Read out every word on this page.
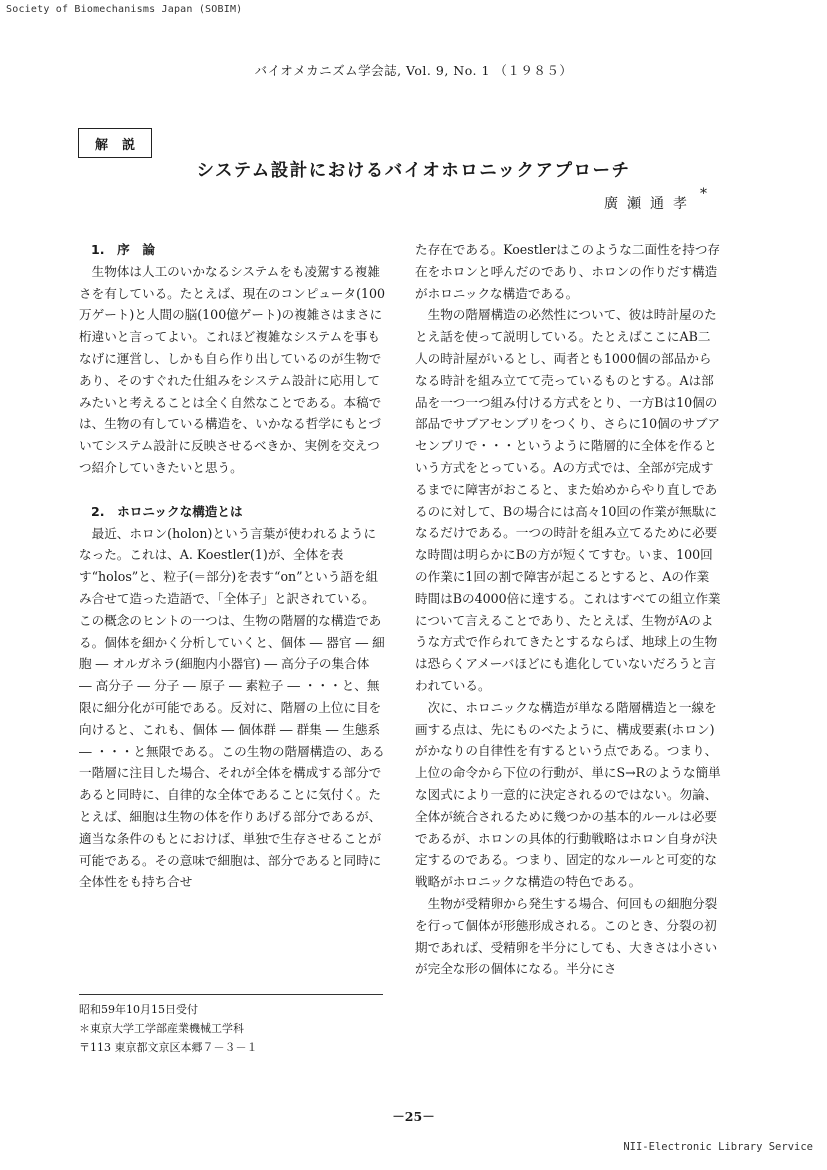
Society of Biomechanisms Japan (SOBIM)
バイオメカニズム学会誌, Vol. 9, No. 1 （１９８５）
解説
システム設計におけるバイオホロニックアプローチ
廣瀬通孝
*
1.　序　論

生物体は人工のいかなるシステムをも凌駕する複雑さを有している。たとえば、現在のコンピュータ(100万ゲート)と人間の脳(100億ゲート)の複雑さはまさに桁違いと言ってよい。これほど複雑なシステムを事もなげに運営し、しかも自ら作り出しているのが生物であり、そのすぐれた仕組みをシステム設計に応用してみたいと考えることは全く自然なことである。本稿では、生物の有している構造を、いかなる哲学にもとづいてシステム設計に反映させるべきか、実例を交えつつ紹介していきたいと思う。

2.　ホロニックな構造とは

最近、ホロン(holon)という言葉が使われるようになった。これは、A. Koestler(1)が、全体を表す“holos”と、粒子(＝部分)を表す“on”という語を組み合せて造った造語で、「全体子」と訳されている。この概念のヒントの一つは、生物の階層的な構造である。個体を細かく分析していくと、個体 ― 器官 ― 細胞 ― オルガネラ(細胞内小器官) ― 高分子の集合体 ― 高分子 ― 分子 ― 原子 ― 素粒子 ― ・・・と、無限に細分化が可能である。反対に、階層の上位に目を向けると、これも、個体 ― 個体群 ― 群集 ― 生態系 ― ・・・と無限である。この生物の階層構造の、ある一階層に注目した場合、それが全体を構成する部分であると同時に、自律的な全体であることに気付く。たとえば、細胞は生物の体を作りあげる部分であるが、適当な条件のもとにおけば、単独で生存させることが可能である。その意味で細胞は、部分であると同時に全体性をも持ち合せ

た存在である。Koestlerはこのような二面性を持つ存在をホロンと呼んだのであり、ホロンの作りだす構造がホロニックな構造である。

生物の階層構造の必然性について、彼は時計屋のたとえ話を使って説明している。たとえばここにAB二人の時計屋がいるとし、両者とも1000個の部品からなる時計を組み立てて売っているものとする。Aは部品を一つ一つ組み付ける方式をとり、一方Bは10個の部品でサブアセンブリをつくり、さらに10個のサブアセンブリで・・・というように階層的に全体を作るという方式をとっている。Aの方式では、全部が完成するまでに障害がおこると、また始めからやり直しであるのに対して、Bの場合には高々10回の作業が無駄になるだけである。一つの時計を組み立てるために必要な時間は明らかにBの方が短くてすむ。いま、100回の作業に1回の割で障害が起こるとすると、Aの作業時間はBの4000倍に達する。これはすべての組立作業について言えることであり、たとえば、生物がAのような方式で作られてきたとするならば、地球上の生物は恐らくアメーバほどにも進化していないだろうと言われている。

次に、ホロニックな構造が単なる階層構造と一線を画する点は、先にものべたように、構成要素(ホロン)がかなりの自律性を有するという点である。つまり、上位の命令から下位の行動が、単にS→Rのような簡単な図式により一意的に決定されるのではない。勿論、全体が統合されるために幾つかの基本的ルールは必要であるが、ホロンの具体的行動戦略はホロン自身が決定するのである。つまり、固定的なルールと可変的な戦略がホロニックな構造の特色である。

生物が受精卵から発生する場合、何回もの細胞分裂を行って個体が形態形成される。このとき、分裂の初期であれば、受精卵を半分にしても、大きさは小さいが完全な形の個体になる。半分にさ

昭和59年10月15日受付
＊東京大学工学部産業機械工学科
〒113 東京都文京区本郷７－３－１
－25－
NII-Electronic Library Service
